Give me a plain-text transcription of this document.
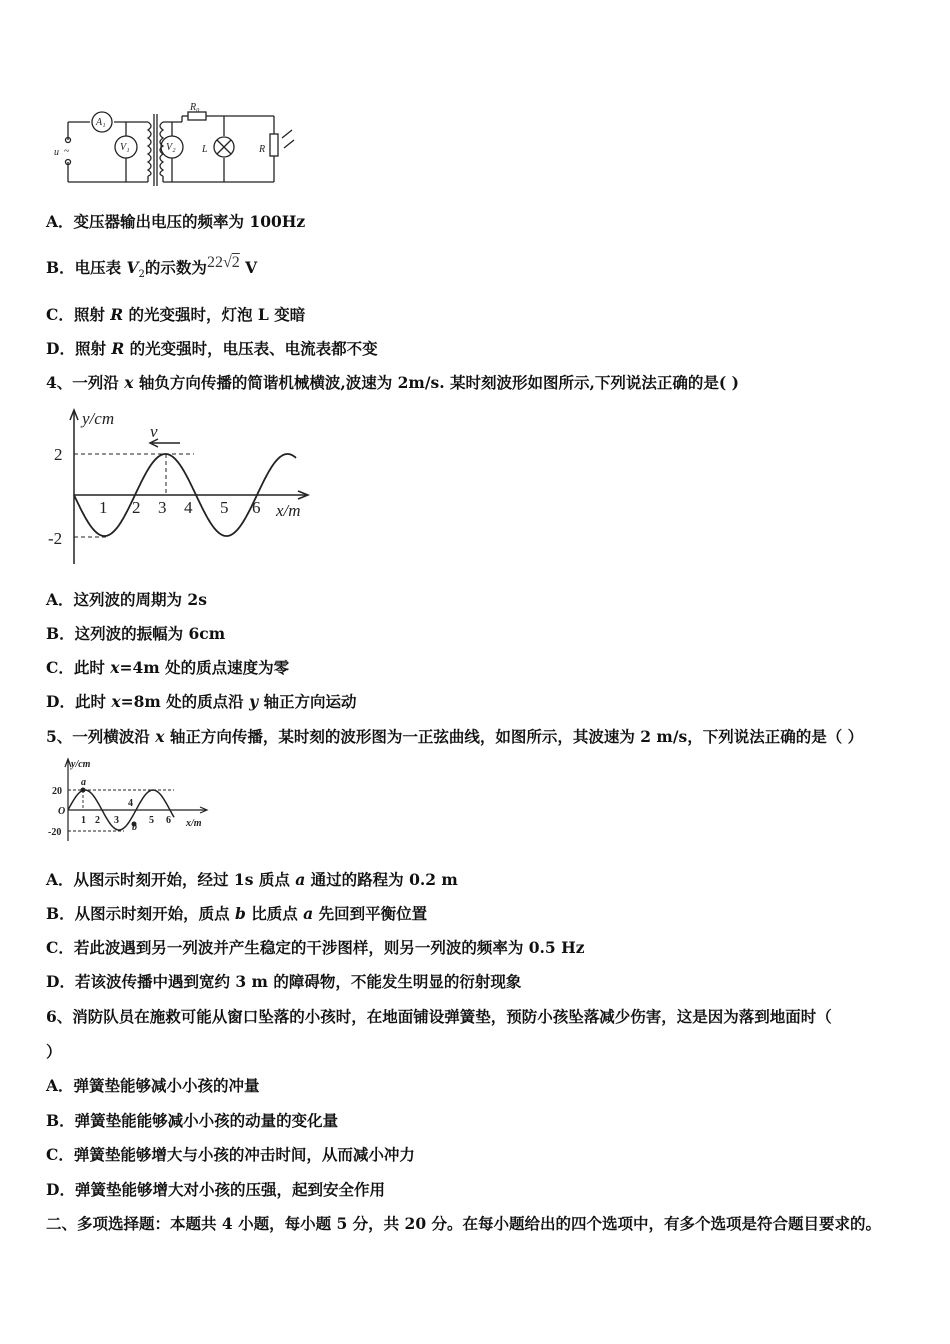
A₁
V₁	V₂
R₀
L	R
u ~
A．变压器输出电压的频率为 100Hz
B．电压表 $V_2$的示数为22√2 V
C．照射 R 的光变强时，灯泡 L 变暗
D．照射 R 的光变强时，电压表、电流表都不变
4、一列沿 x 轴负方向传播的简谐机械横波,波速为 2m/s. 某时刻波形如图所示,下列说法正确的是( )
y/cm
x/m
v
2
-2
1 2 3 4 5 6
A．这列波的周期为 2s
B．这列波的振幅为 6cm
C．此时 x=4m 处的质点速度为零
D．此时 x=8m 处的质点沿 y 轴正方向运动
5、一列横波沿 x 轴正方向传播，某时刻的波形图为一正弦曲线，如图所示，其波速为 2 m/s，下列说法正确的是（ ）
y/cm
x/m
O
a
b
20
-20
1 2 3
4
5 6
A．从图示时刻开始，经过 1s 质点 a 通过的路程为 0.2 m
B．从图示时刻开始，质点 b 比质点 a 先回到平衡位置
C．若此波遇到另一列波并产生稳定的干涉图样，则另一列波的频率为 0.5 Hz
D．若该波传播中遇到宽约 3 m 的障碍物，不能发生明显的衍射现象
6、消防队员在施救可能从窗口坠落的小孩时，在地面铺设弹簧垫，预防小孩坠落减少伤害，这是因为落到地面时（
）
A．弹簧垫能够减小小孩的冲量
B．弹簧垫能能够减小小孩的动量的变化量
C．弹簧垫能够增大与小孩的冲击时间，从而减小冲力
D．弹簧垫能够增大对小孩的压强，起到安全作用
二、多项选择题：本题共 4 小题，每小题 5 分，共 20 分。在每小题给出的四个选项中，有多个选项是符合题目要求的。
